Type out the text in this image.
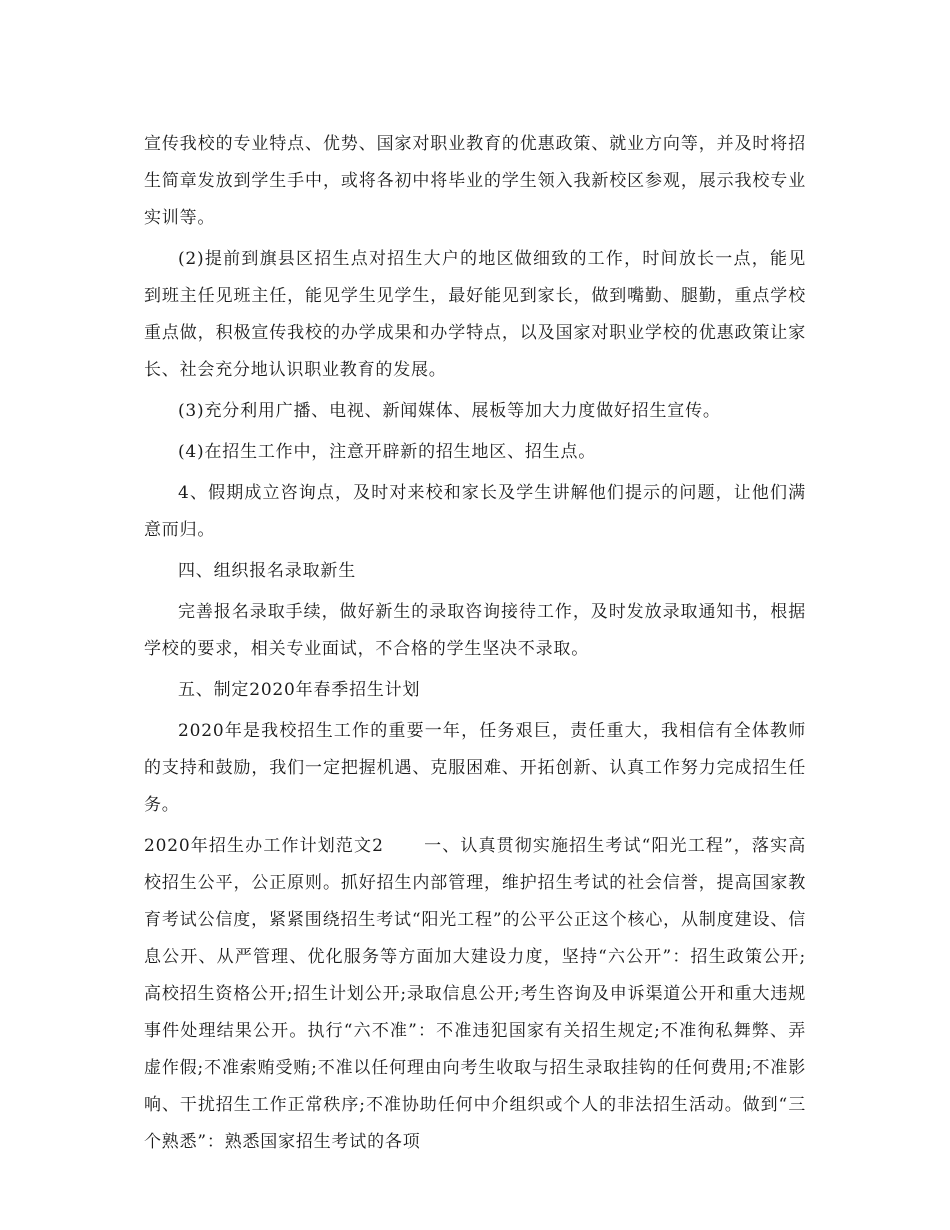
宣传我校的专业特点、优势、国家对职业教育的优惠政策、就业方向等，并及时将招生简章发放到学生手中，或将各初中将毕业的学生领入我新校区参观，展示我校专业实训等。

(2)提前到旗县区招生点对招生大户的地区做细致的工作，时间放长一点，能见到班主任见班主任，能见学生见学生，最好能见到家长，做到嘴勤、腿勤，重点学校重点做，积极宣传我校的办学成果和办学特点，以及国家对职业学校的优惠政策让家长、社会充分地认识职业教育的发展。

(3)充分利用广播、电视、新闻媒体、展板等加大力度做好招生宣传。

(4)在招生工作中，注意开辟新的招生地区、招生点。

4、假期成立咨询点，及时对来校和家长及学生讲解他们提示的问题，让他们满意而归。

四、组织报名录取新生

完善报名录取手续，做好新生的录取咨询接待工作，及时发放录取通知书，根据学校的要求，相关专业面试，不合格的学生坚决不录取。

五、制定2020年春季招生计划

2020年是我校招生工作的重要一年，任务艰巨，责任重大，我相信有全体教师的支持和鼓励，我们一定把握机遇、克服困难、开拓创新、认真工作努力完成招生任务。

2020年招生办工作计划范文2 一、认真贯彻实施招生考试“阳光工程”，落实高校招生公平，公正原则。抓好招生内部管理，维护招生考试的社会信誉，提高国家教育考试公信度，紧紧围绕招生考试“阳光工程”的公平公正这个核心，从制度建设、信息公开、从严管理、优化服务等方面加大建设力度，坚持“六公开”：招生政策公开;高校招生资格公开;招生计划公开;录取信息公开;考生咨询及申诉渠道公开和重大违规事件处理结果公开。执行“六不准”：不准违犯国家有关招生规定;不准徇私舞弊、弄虚作假;不准索贿受贿;不准以任何理由向考生收取与招生录取挂钩的任何费用;不准影响、干扰招生工作正常秩序;不准协助任何中介组织或个人的非法招生活动。做到“三个熟悉”：熟悉国家招生考试的各项
